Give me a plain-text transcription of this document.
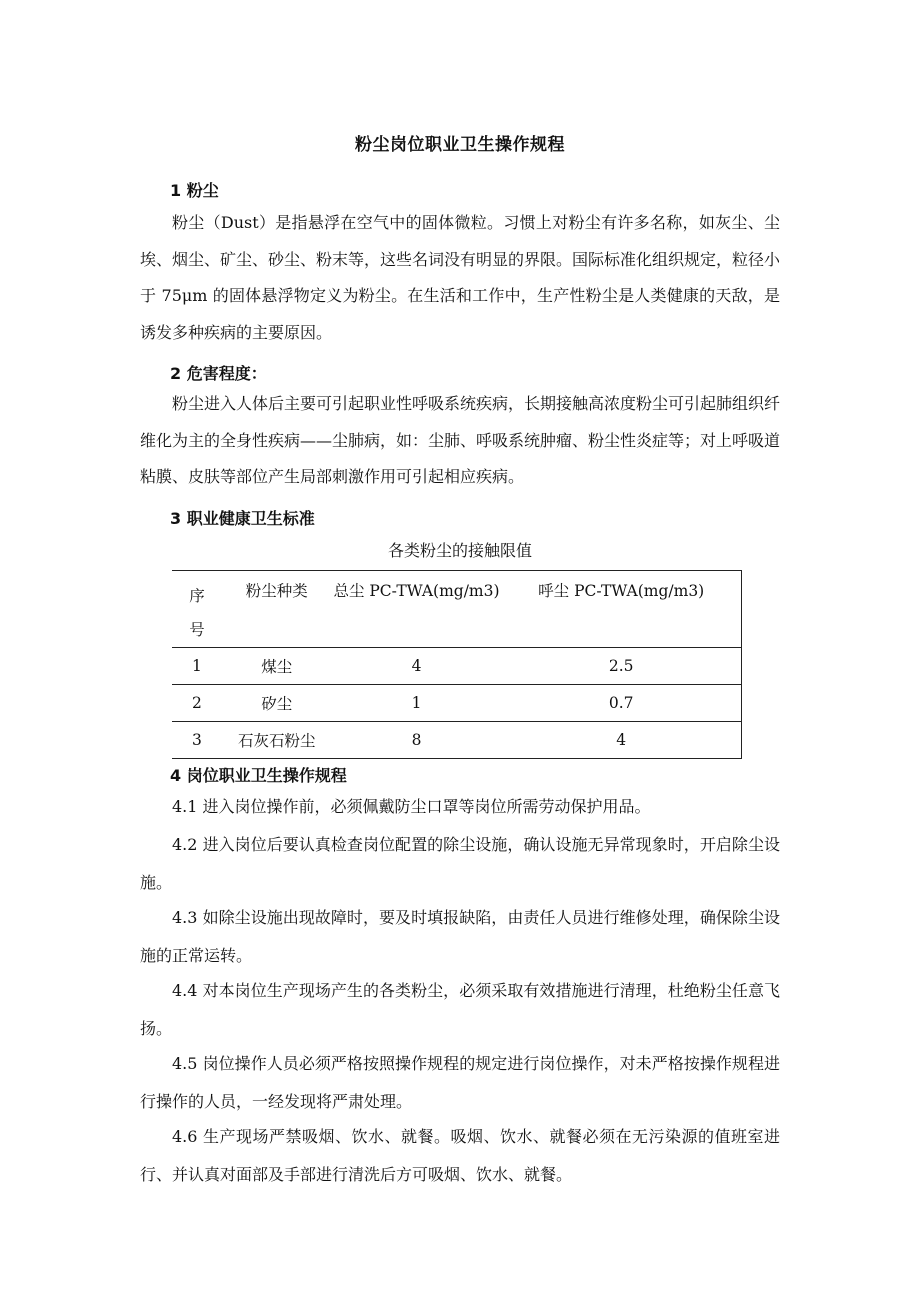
粉尘岗位职业卫生操作规程
1 粉尘

粉尘（Dust）是指悬浮在空气中的固体微粒。习惯上对粉尘有许多名称，如灰尘、尘埃、烟尘、矿尘、砂尘、粉末等，这些名词没有明显的界限。国际标准化组织规定，粒径小于 75μm 的固体悬浮物定义为粉尘。在生活和工作中，生产性粉尘是人类健康的天敌，是诱发多种疾病的主要原因。

2 危害程度：

粉尘进入人体后主要可引起职业性呼吸系统疾病，长期接触高浓度粉尘可引起肺组织纤维化为主的全身性疾病——尘肺病，如：尘肺、呼吸系统肿瘤、粉尘性炎症等；对上呼吸道粘膜、皮肤等部位产生局部刺激作用可引起相应疾病。

3 职业健康卫生标准
各类粉尘的接触限值
序号	粉尘种类	总尘 PC-TWA(mg/m3)	呼尘 PC-TWA(mg/m3)
1	煤尘	4	2.5
2	矽尘	1	0.7
3	石灰石粉尘	8	4
4 岗位职业卫生操作规程

4.1 进入岗位操作前，必须佩戴防尘口罩等岗位所需劳动保护用品。

4.2 进入岗位后要认真检查岗位配置的除尘设施，确认设施无异常现象时，开启除尘设施。

4.3 如除尘设施出现故障时，要及时填报缺陷，由责任人员进行维修处理，确保除尘设施的正常运转。

4.4 对本岗位生产现场产生的各类粉尘，必须采取有效措施进行清理，杜绝粉尘任意飞扬。

4.5 岗位操作人员必须严格按照操作规程的规定进行岗位操作，对未严格按操作规程进行操作的人员，一经发现将严肃处理。

4.6 生产现场严禁吸烟、饮水、就餐。吸烟、饮水、就餐必须在无污染源的值班室进行、并认真对面部及手部进行清洗后方可吸烟、饮水、就餐。
